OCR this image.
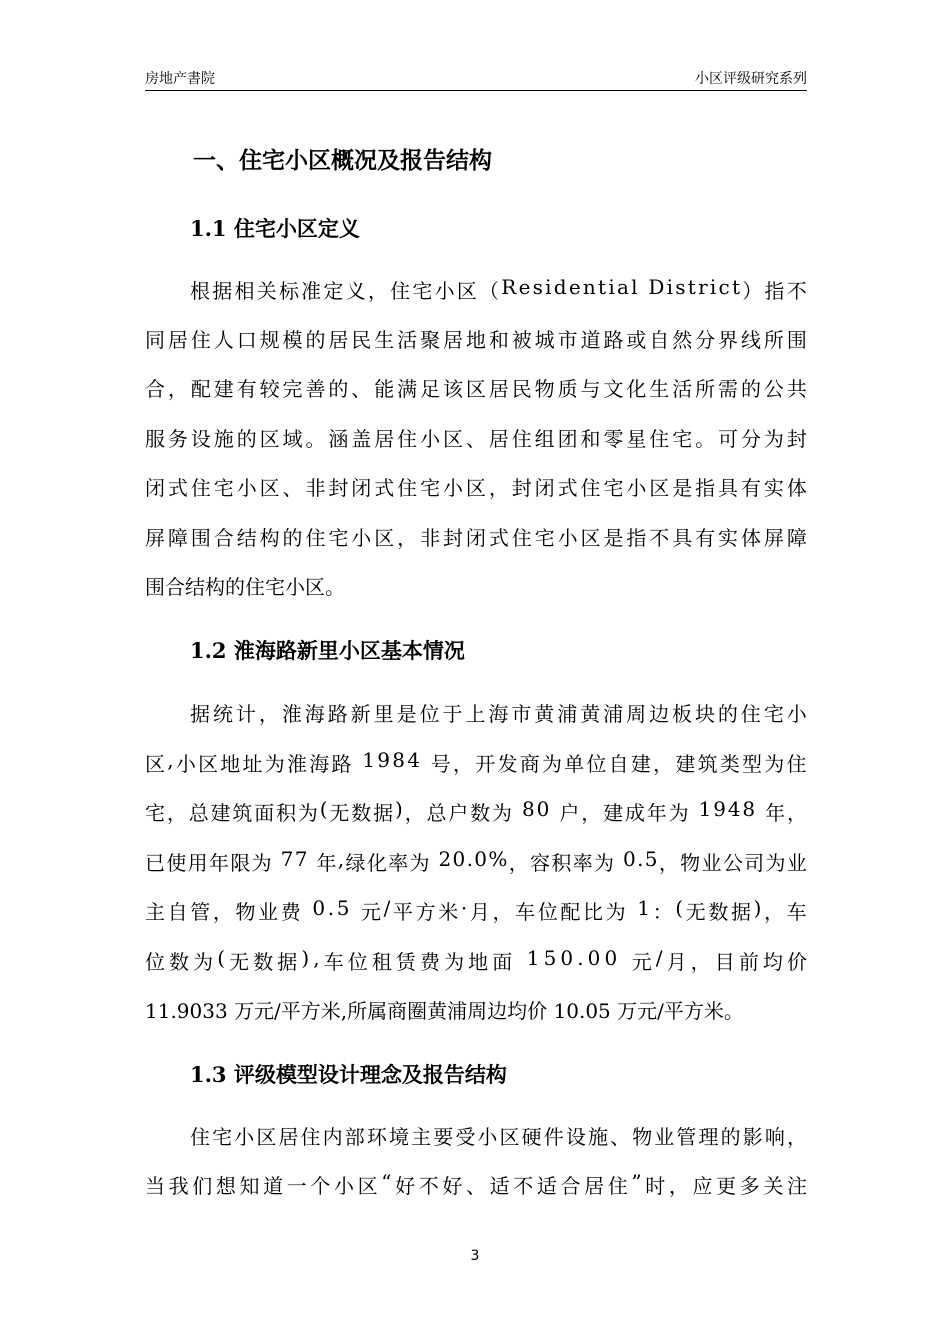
房地产書院	小区评级研究系列
一、住宅小区概况及报告结构
1.1 住宅小区定义

根 据 相 关 标 准 定 义 ， 住 宅 小 区 （ R e s i d e n t i a l
D i s t r i c t ） 指 不

同 居 住 人 口 规 模 的 居 民 生 活 聚 居 地 和 被 城 市 道 路 或 自 然 分 界 线 所 围

合 ， 配 建 有 较 完 善 的 、 能 满 足 该 区 居 民 物 质 与 文 化 生 活 所 需 的 公 共

服 务 设 施 的 区 域 。 涵 盖 居 住 小 区 、 居 住 组 团 和 零 星 住 宅 。 可 分 为 封

闭 式 住 宅 小 区 、 非 封 闭 式 住 宅 小 区 ， 封 闭 式 住 宅 小 区 是 指 具 有 实 体

屏 障 围 合 结 构 的 住 宅 小 区 ， 非 封 闭 式 住 宅 小 区 是 指 不 具 有 实 体 屏 障

围合结构的住宅小区。

1.2 淮海路新里小区基本情况

据 统 计 ， 淮 海 路 新 里 是 位 于 上 海 市 黄 浦 黄 浦 周 边 板 块 的 住 宅 小

区 , 小 区 地 址 为 淮 海 路
1 9 8 4
号 ， 开 发 商 为 单 位 自 建 ， 建 筑 类 型 为 住

宅 ， 总 建 筑 面 积 为 ( 无 数 据 ) ， 总 户 数 为
8 0
户 ， 建 成 年 为
1 9 4 8
年 ，

已 使 用 年 限 为
7 7
年 , 绿 化 率 为
2 0 . 0 % ， 容 积 率 为
0 . 5 ， 物 业 公 司 为 业

主 自 管 ， 物 业 费
0 . 5
元 / 平 方 米 · 月 ， 车 位 配 比 为
1 ： ( 无 数 据 ) ， 车

位 数 为 ( 无 数 据 ) , 车 位 租 赁 费 为 地 面
1 5 0 . 0 0
元 / 月 ， 目 前 均 价

11.9033 万元/平方米,所属商圈黄浦周边均价 10.05 万元/平方米。

1.3 评级模型设计理念及报告结构

住 宅 小 区 居 住 内 部 环 境 主 要 受 小 区 硬 件 设 施 、 物 业 管 理 的 影 响 ，

当 我 们 想 知 道 一 个 小 区 “ 好 不 好 、 适 不 适 合 居 住 ” 时 ， 应 更 多 关 注

3
